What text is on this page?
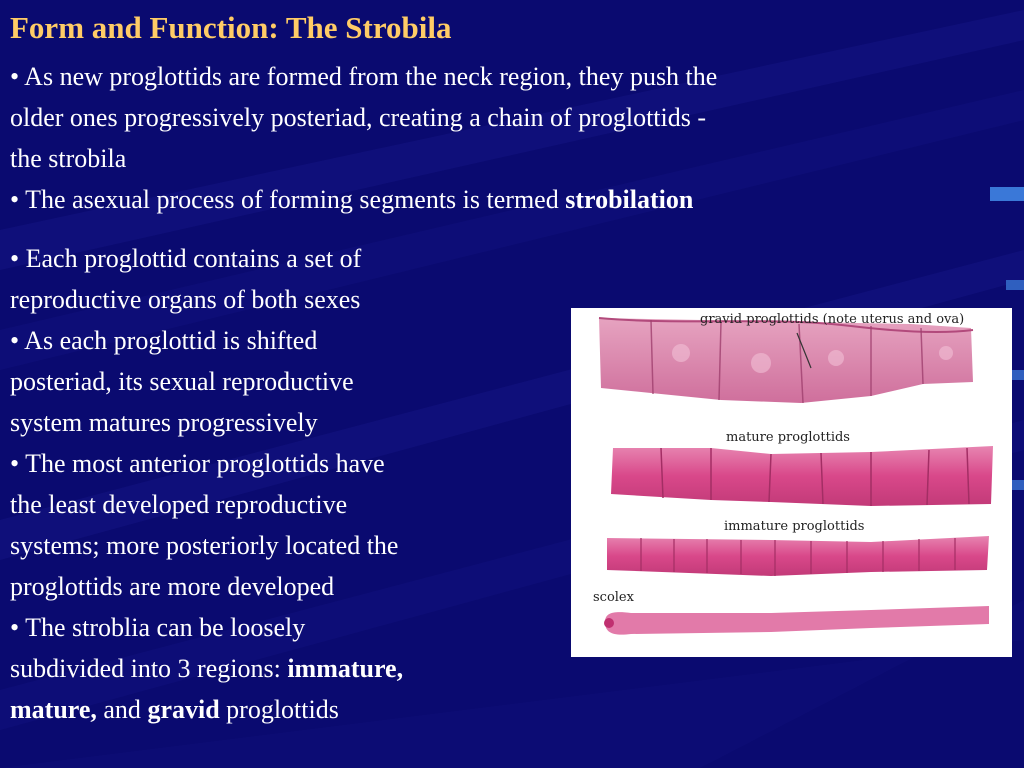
Form and Function: The Strobila

• As new proglottids are formed from the neck region, they push the
older ones progressively posteriad, creating a chain of proglottids -
the strobila

• The asexual process of forming segments is termed strobilation

• Each proglottid contains a set of
reproductive organs of both sexes

• As each proglottid is shifted
posteriad, its sexual reproductive
system matures progressively

• The most anterior proglottids have
the least developed reproductive
systems; more posteriorly located the
proglottids are more developed

• The stroblia can be loosely
subdivided into 3 regions: immature,
mature, and gravid proglottids

gravid proglottids (note uterus and ova)
mature proglottids
immature proglottids
scolex
